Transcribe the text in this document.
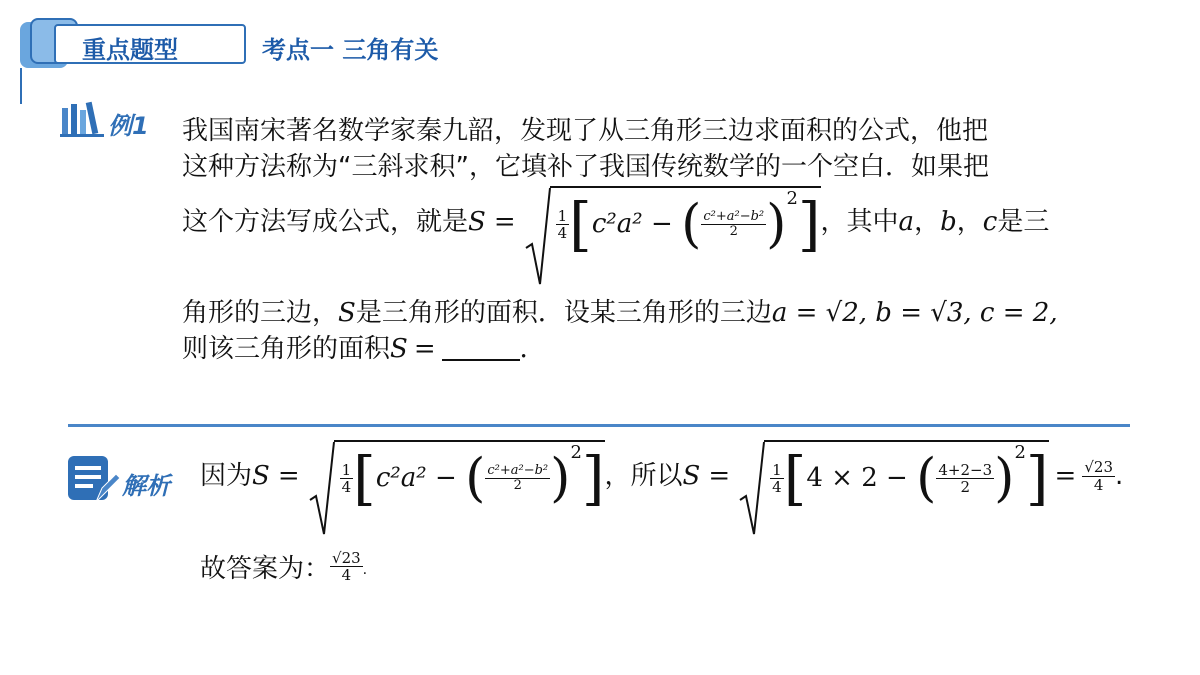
重点题型	考点一 三角有关
例1 我国南宋著名数学家秦九韶，发现了从三角形三边求面积的公式，他把
这种方法称为“三斜求积”，它填补了我国传统数学的一个空白．如果把
这个方法写成公式，就是S =	$\frac{1}{4} [c^2a^2$ − ( $\frac{\text{c²+a²−b²}}{2} )^2$]，其中a，b，c是三
角形的三边，S是三角形的面积．设某三角形的三边a = √2, b = √3, c = 2,
则该三角形的面积S =	．
解析 因为S =	$\frac{1}{4} [c^2a^2$ − ( $\frac{\text{c²+a²−b²}}{2} )^2$]，所以S =	$\frac{1}{4} [4 \times 2$ − ( $\frac{4+2-3}{2} )^2] = \frac{√23}{4}$ .
故答案为： $\frac{√23}{4}$ .
